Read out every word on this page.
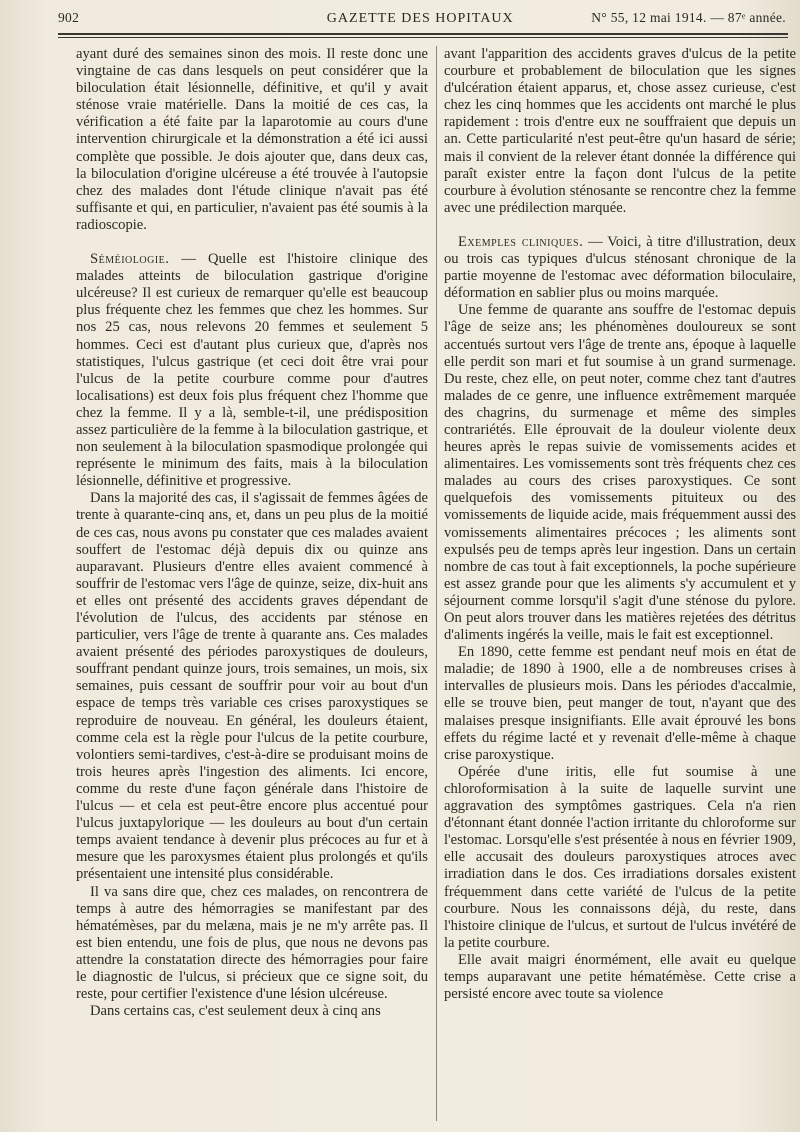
902	GAZETTE DES HOPITAUX	N° 55, 12 mai 1914. — 87ᵉ année.

ayant duré des semaines sinon des mois. Il reste donc une vingtaine de cas dans lesquels on peut considérer que la biloculation était lésionnelle, définitive, et qu'il y avait sténose vraie matérielle. Dans la moitié de ces cas, la vérification a été faite par la laparotomie au cours d'une intervention chirurgicale et la démonstration a été ici aussi complète que possible. Je dois ajouter que, dans deux cas, la biloculation d'origine ulcéreuse a été trouvée à l'autopsie chez des malades dont l'étude clinique n'avait pas été suffisante et qui, en particulier, n'avaient pas été soumis à la radioscopie.

Séméiologie. — Quelle est l'histoire clinique des malades atteints de biloculation gastrique d'origine ulcéreuse? Il est curieux de remarquer qu'elle est beaucoup plus fréquente chez les femmes que chez les hommes. Sur nos 25 cas, nous relevons 20 femmes et seulement 5 hommes. Ceci est d'autant plus curieux que, d'après nos statistiques, l'ulcus gastrique (et ceci doit être vrai pour l'ulcus de la petite courbure comme pour d'autres localisations) est deux fois plus fréquent chez l'homme que chez la femme. Il y a là, semble-t-il, une prédisposition assez particulière de la femme à la biloculation gastrique, et non seulement à la biloculation spasmodique prolongée qui représente le minimum des faits, mais à la biloculation lésionnelle, définitive et progressive.

Dans la majorité des cas, il s'agissait de femmes âgées de trente à quarante-cinq ans, et, dans un peu plus de la moitié de ces cas, nous avons pu constater que ces malades avaient souffert de l'estomac déjà depuis dix ou quinze ans auparavant. Plusieurs d'entre elles avaient commencé à souffrir de l'estomac vers l'âge de quinze, seize, dix-huit ans et elles ont présenté des accidents graves dépendant de l'évolution de l'ulcus, des accidents par sténose en particulier, vers l'âge de trente à quarante ans. Ces malades avaient présenté des périodes paroxystiques de douleurs, souffrant pendant quinze jours, trois semaines, un mois, six semaines, puis cessant de souffrir pour voir au bout d'un espace de temps très variable ces crises paroxystiques se reproduire de nouveau. En général, les douleurs étaient, comme cela est la règle pour l'ulcus de la petite courbure, volontiers semi-tardives, c'est-à-dire se produisant moins de trois heures après l'ingestion des aliments. Ici encore, comme du reste d'une façon générale dans l'histoire de l'ulcus — et cela est peut-être encore plus accentué pour l'ulcus juxtapylorique — les douleurs au bout d'un certain temps avaient tendance à devenir plus précoces au fur et à mesure que les paroxysmes étaient plus prolongés et qu'ils présentaient une intensité plus considérable.

Il va sans dire que, chez ces malades, on rencontrera de temps à autre des hémorragies se manifestant par des hématémèses, par du melæna, mais je ne m'y arrête pas. Il est bien entendu, une fois de plus, que nous ne devons pas attendre la constatation directe des hémorragies pour faire le diagnostic de l'ulcus, si précieux que ce signe soit, du reste, pour certifier l'existence d'une lésion ulcéreuse.

Dans certains cas, c'est seulement deux à cinq ans

avant l'apparition des accidents graves d'ulcus de la petite courbure et probablement de biloculation que les signes d'ulcération étaient apparus, et, chose assez curieuse, c'est chez les cinq hommes que les accidents ont marché le plus rapidement : trois d'entre eux ne souffraient que depuis un an. Cette particularité n'est peut-être qu'un hasard de série; mais il convient de la relever étant donnée la différence qui paraît exister entre la façon dont l'ulcus de la petite courbure à évolution sténosante se rencontre chez la femme avec une prédilection marquée.

Exemples cliniques. — Voici, à titre d'illustration, deux ou trois cas typiques d'ulcus sténosant chronique de la partie moyenne de l'estomac avec déformation biloculaire, déformation en sablier plus ou moins marquée.

Une femme de quarante ans souffre de l'estomac depuis l'âge de seize ans; les phénomènes douloureux se sont accentués surtout vers l'âge de trente ans, époque à laquelle elle perdit son mari et fut soumise à un grand surmenage. Du reste, chez elle, on peut noter, comme chez tant d'autres malades de ce genre, une influence extrêmement marquée des chagrins, du surmenage et même des simples contrariétés. Elle éprouvait de la douleur violente deux heures après le repas suivie de vomissements acides et alimentaires. Les vomissements sont très fréquents chez ces malades au cours des crises paroxystiques. Ce sont quelquefois des vomissements pituiteux ou des vomissements de liquide acide, mais fréquemment aussi des vomissements alimentaires précoces ; les aliments sont expulsés peu de temps après leur ingestion. Dans un certain nombre de cas tout à fait exceptionnels, la poche supérieure est assez grande pour que les aliments s'y accumulent et y séjournent comme lorsqu'il s'agit d'une sténose du pylore. On peut alors trouver dans les matières rejetées des détritus d'aliments ingérés la veille, mais le fait est exceptionnel.

En 1890, cette femme est pendant neuf mois en état de maladie; de 1890 à 1900, elle a de nombreuses crises à intervalles de plusieurs mois. Dans les périodes d'accalmie, elle se trouve bien, peut manger de tout, n'ayant que des malaises presque insignifiants. Elle avait éprouvé les bons effets du régime lacté et y revenait d'elle-même à chaque crise paroxystique.

Opérée d'une iritis, elle fut soumise à une chloroformisation à la suite de laquelle survint une aggravation des symptômes gastriques. Cela n'a rien d'étonnant étant donnée l'action irritante du chloroforme sur l'estomac. Lorsqu'elle s'est présentée à nous en février 1909, elle accusait des douleurs paroxystiques atroces avec irradiation dans le dos. Ces irradiations dorsales existent fréquemment dans cette variété de l'ulcus de la petite courbure. Nous les connaissons déjà, du reste, dans l'histoire clinique de l'ulcus, et surtout de l'ulcus invétéré de la petite courbure.

Elle avait maigri énormément, elle avait eu quelque temps auparavant une petite hématémèse. Cette crise a persisté encore avec toute sa violence
